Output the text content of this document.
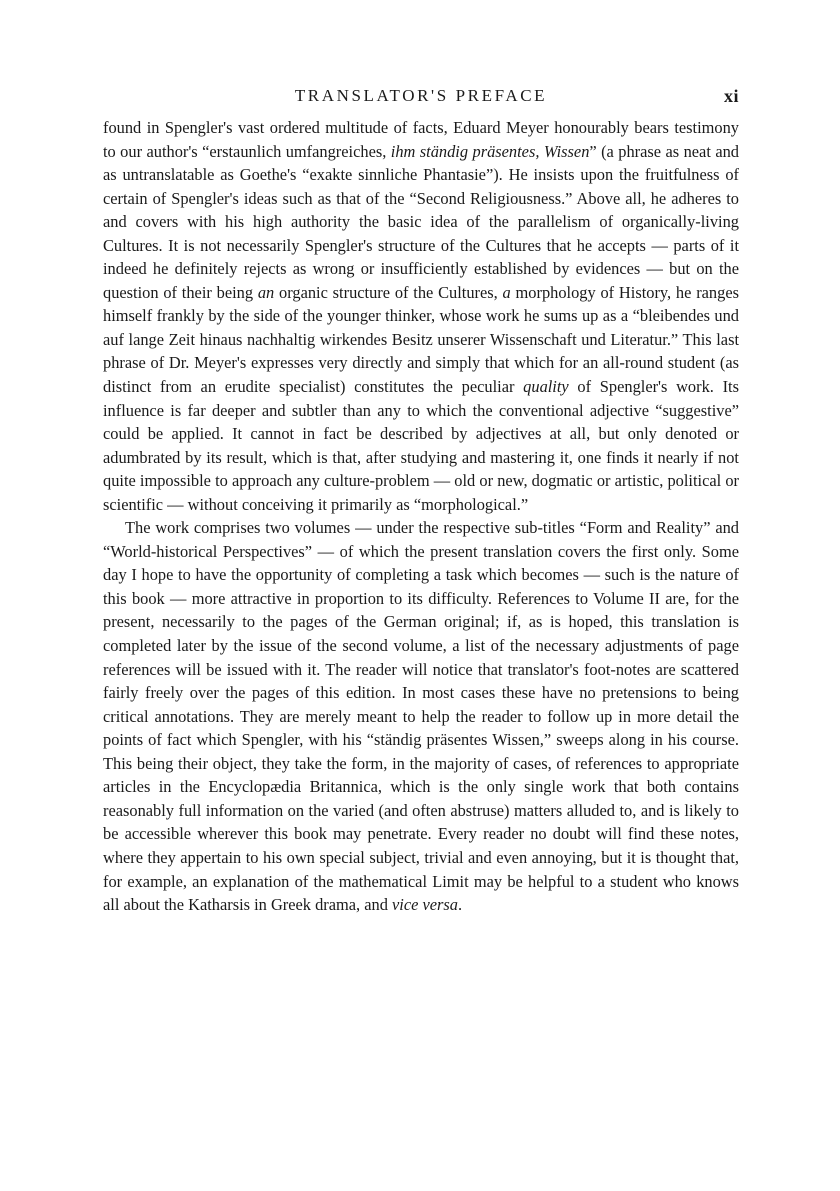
TRANSLATOR'S PREFACE	xi

found in Spengler's vast ordered multitude of facts, Eduard Meyer honourably bears testimony to our author's “erstaunlich umfangreiches, ihm ständig präsentes, Wissen” (a phrase as neat and as untranslatable as Goethe's “exakte sinnliche Phantasie”). He insists upon the fruitfulness of certain of Spengler's ideas such as that of the “Second Religiousness.” Above all, he adheres to and covers with his high authority the basic idea of the parallelism of organically-living Cultures. It is not necessarily Spengler's structure of the Cultures that he accepts — parts of it indeed he definitely rejects as wrong or insufficiently established by evidences — but on the question of their being an organic structure of the Cultures, a morphology of History, he ranges himself frankly by the side of the younger thinker, whose work he sums up as a “bleibendes und auf lange Zeit hinaus nachhaltig wirkendes Besitz unserer Wissenschaft und Literatur.” This last phrase of Dr. Meyer's expresses very directly and simply that which for an all-round student (as distinct from an erudite specialist) constitutes the peculiar quality of Spengler's work. Its influence is far deeper and subtler than any to which the conventional adjective “suggestive” could be applied. It cannot in fact be described by adjectives at all, but only denoted or adumbrated by its result, which is that, after studying and mastering it, one finds it nearly if not quite impossible to approach any culture-problem — old or new, dogmatic or artistic, political or scientific — without conceiving it primarily as “morphological.”

The work comprises two volumes — under the respective sub-titles “Form and Reality” and “World-historical Perspectives” — of which the present translation covers the first only. Some day I hope to have the opportunity of completing a task which becomes — such is the nature of this book — more attractive in proportion to its difficulty. References to Volume II are, for the present, necessarily to the pages of the German original; if, as is hoped, this translation is completed later by the issue of the second volume, a list of the necessary adjustments of page references will be issued with it. The reader will notice that translator's foot-notes are scattered fairly freely over the pages of this edition. In most cases these have no pretensions to being critical annotations. They are merely meant to help the reader to follow up in more detail the points of fact which Spengler, with his “ständig präsentes Wissen,” sweeps along in his course. This being their object, they take the form, in the majority of cases, of references to appropriate articles in the Encyclopædia Britannica, which is the only single work that both contains reasonably full information on the varied (and often abstruse) matters alluded to, and is likely to be accessible wherever this book may penetrate. Every reader no doubt will find these notes, where they appertain to his own special subject, trivial and even annoying, but it is thought that, for example, an explanation of the mathematical Limit may be helpful to a student who knows all about the Katharsis in Greek drama, and vice versa.
